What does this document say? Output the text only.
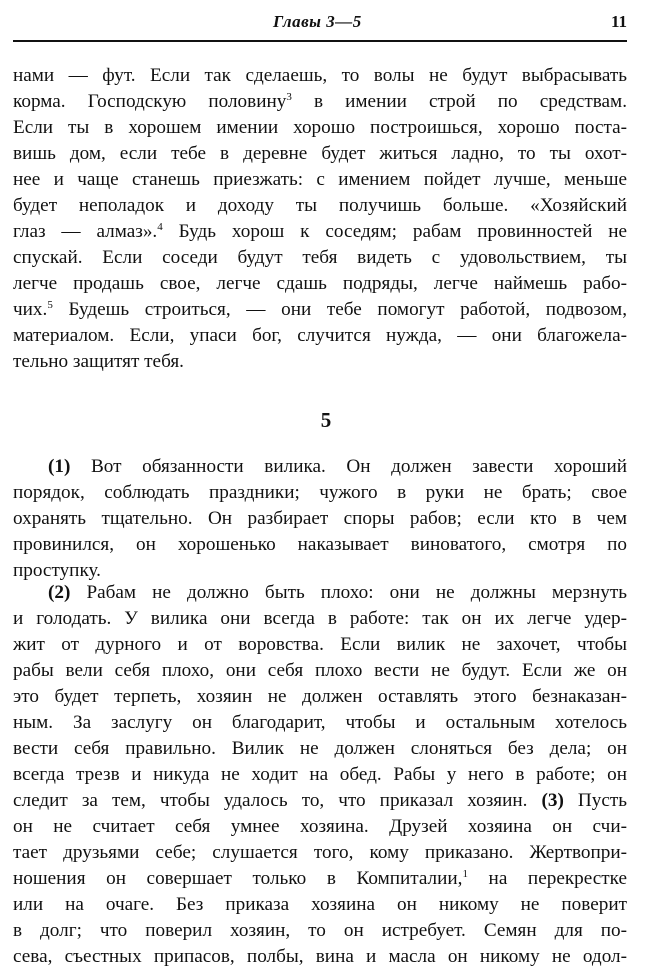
Главы 3—5	11
нами — фут. Если так сделаешь, то волы не будут выбрасывать
корма. Господскую половину$^3$ в имении строй по средствам.
Если ты в хорошем имении хорошо построишься, хорошо поста-
вишь дом, если тебе в деревне будет житься ладно, то ты охот-
нее и чаще станешь приезжать: с имением пойдет лучше, меньше
будет неполадок и доходу ты получишь больше. «Хозяйский
глаз — алмаз».$^4$ Будь хорош к соседям; рабам провинностей не
спускай. Если соседи будут тебя видеть с удовольствием, ты
легче продашь свое, легче сдашь подряды, легче наймешь рабо-
чих.$^5$ Будешь строиться, — они тебе помогут работой, подвозом,
материалом. Если, упаси бог, случится нужда, — они благожела-
тельно защитят тебя.
5
(1) Вот обязанности вилика. Он должен завести хороший
порядок, соблюдать праздники; чужого в руки не брать; свое
охранять тщательно. Он разбирает споры рабов; если кто в чем
провинился, он хорошенько наказывает виноватого, смотря по
проступку.
(2) Рабам не должно быть плохо: они не должны мерзнуть
и голодать. У вилика они всегда в работе: так он их легче удер-
жит от дурного и от воровства. Если вилик не захочет, чтобы
рабы вели себя плохо, они себя плохо вести не будут. Если же он
это будет терпеть, хозяин не должен оставлять этого безнаказан-
ным. За заслугу он благодарит, чтобы и остальным хотелось
вести себя правильно. Вилик не должен слоняться без дела; он
всегда трезв и никуда не ходит на обед. Рабы у него в работе; он
следит за тем, чтобы удалось то, что приказал хозяин. (3) Пусть
он не считает себя умнее хозяина. Друзей хозяина он счи-
тает друзьями себе; слушается того, кому приказано. Жертвопри-
ношения он совершает только в Компиталии,$^1$ на перекрестке
или на очаге. Без приказа хозяина он никому не поверит
в долг; что поверил хозяин, то он истребует. Семян для по-
сева, съестных припасов, полбы, вина и масла он никому не одол-
